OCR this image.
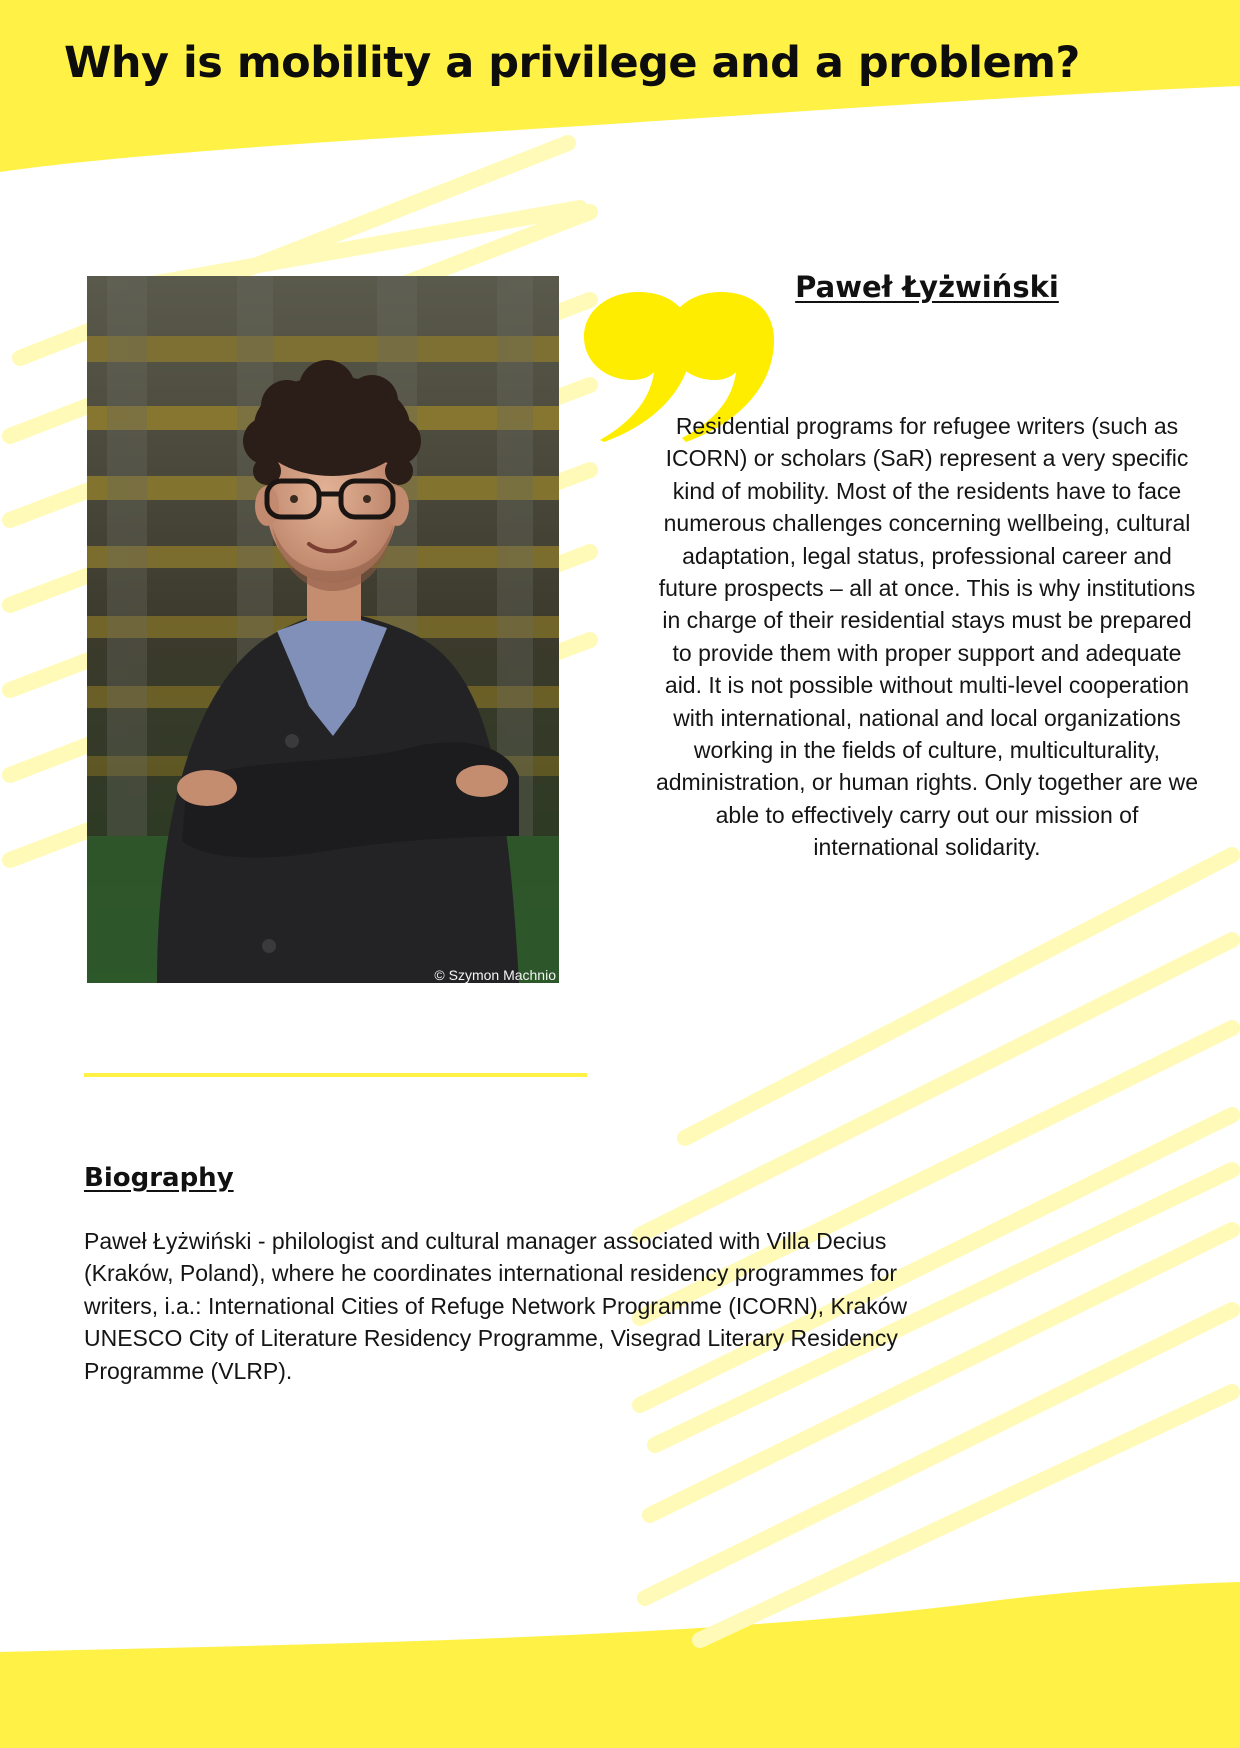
Why is mobility a privilege and a problem?
© Szymon Machnio
Paweł Łyżwiński

Residential programs for refugee writers (such as ICORN) or scholars (SaR) represent a very specific kind of mobility. Most of the residents have to face numerous challenges concerning wellbeing, cultural adaptation, legal status, professional career and future prospects – all at once. This is why institutions in charge of their residential stays must be prepared to provide them with proper support and adequate aid. It is not possible without multi-level cooperation with international, national and local organizations working in the fields of culture, multiculturality, administration, or human rights. Only together are we able to effectively carry out our mission of international solidarity.

Biography

Paweł Łyżwiński - philologist and cultural manager associated with Villa Decius (Kraków, Poland), where he coordinates international residency programmes for writers, i.a.: International Cities of Refuge Network Programme (ICORN), Kraków UNESCO City of Literature Residency Programme, Visegrad Literary Residency Programme (VLRP).
